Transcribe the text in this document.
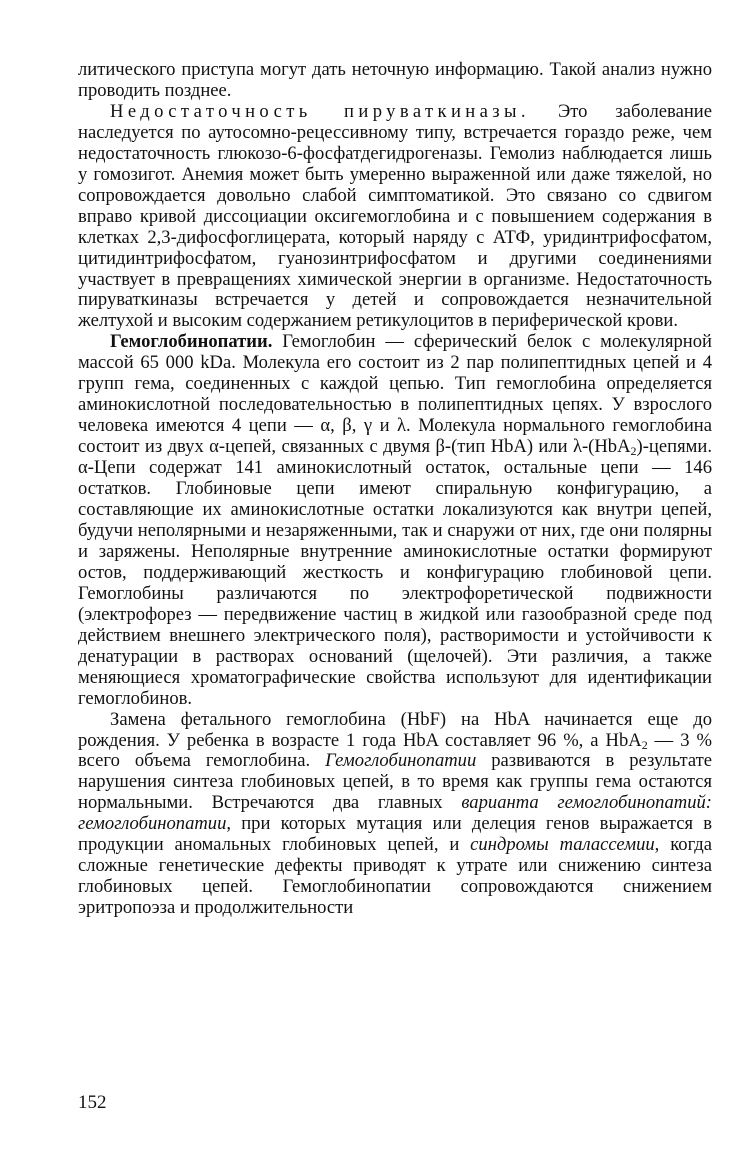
литического приступа могут дать неточную информацию. Такой анализ нужно проводить позднее.

Недостаточность пируваткиназы. Это заболевание наследуется по аутосомно-рецессивному типу, встречается гораздо реже, чем недостаточность глюкозо-6-фосфатдегидрогеназы. Гемолиз наблюдается лишь у гомозигот. Анемия может быть умеренно выраженной или даже тяжелой, но сопровождается довольно слабой симптоматикой. Это связано со сдвигом вправо кривой диссоциации оксигемоглобина и с повышением содержания в клетках 2,3-дифосфоглицерата, который наряду с АТФ, уридинтрифосфатом, цитидинтрифосфатом, гуанозинтрифосфатом и другими соединениями участвует в превращениях химической энергии в организме. Недостаточность пируваткиназы встречается у детей и сопровождается незначительной желтухой и высоким содержанием ретикулоцитов в периферической крови.

Гемоглобинопатии. Гемоглобин — сферический белок с молекулярной массой 65 000 kDa. Молекула его состоит из 2 пар полипептидных цепей и 4 групп гема, соединенных с каждой цепью. Тип гемоглобина определяется аминокислотной последовательностью в полипептидных цепях. У взрослого человека имеются 4 цепи — α, β, γ и λ. Молекула нормального гемоглобина состоит из двух α-цепей, связанных с двумя β-(тип HbA) или λ-(HbA$_2$)-цепями. α-Цепи содержат 141 аминокислотный остаток, остальные цепи — 146 остатков. Глобиновые цепи имеют спиральную конфигурацию, а составляющие их аминокислотные остатки локализуются как внутри цепей, будучи неполярными и незаряженными, так и снаружи от них, где они полярны и заряжены. Неполярные внутренние аминокислотные остатки формируют остов, поддерживающий жесткость и конфигурацию глобиновой цепи. Гемоглобины различаются по электрофоретической подвижности (электрофорез — передвижение частиц в жидкой или газообразной среде под действием внешнего электрического поля), растворимости и устойчивости к денатурации в растворах оснований (щелочей). Эти различия, а также меняющиеся хроматографические свойства используют для идентификации гемоглобинов.

Замена фетального гемоглобина (HbF) на HbA начинается еще до рождения. У ребенка в возрасте 1 года HbA составляет 96 %, а HbA$_2$ — 3 % всего объема гемоглобина. Гемоглобинопатии развиваются в результате нарушения синтеза глобиновых цепей, в то время как группы гема остаются нормальными. Встречаются два главных варианта гемоглобинопатий: гемоглобинопатии, при которых мутация или делеция генов выражается в продукции аномальных глобиновых цепей, и синдромы талассемии, когда сложные генетические дефекты приводят к утрате или снижению синтеза глобиновых цепей. Гемоглобинопатии сопровождаются снижением эритропоэза и продолжительности

152
